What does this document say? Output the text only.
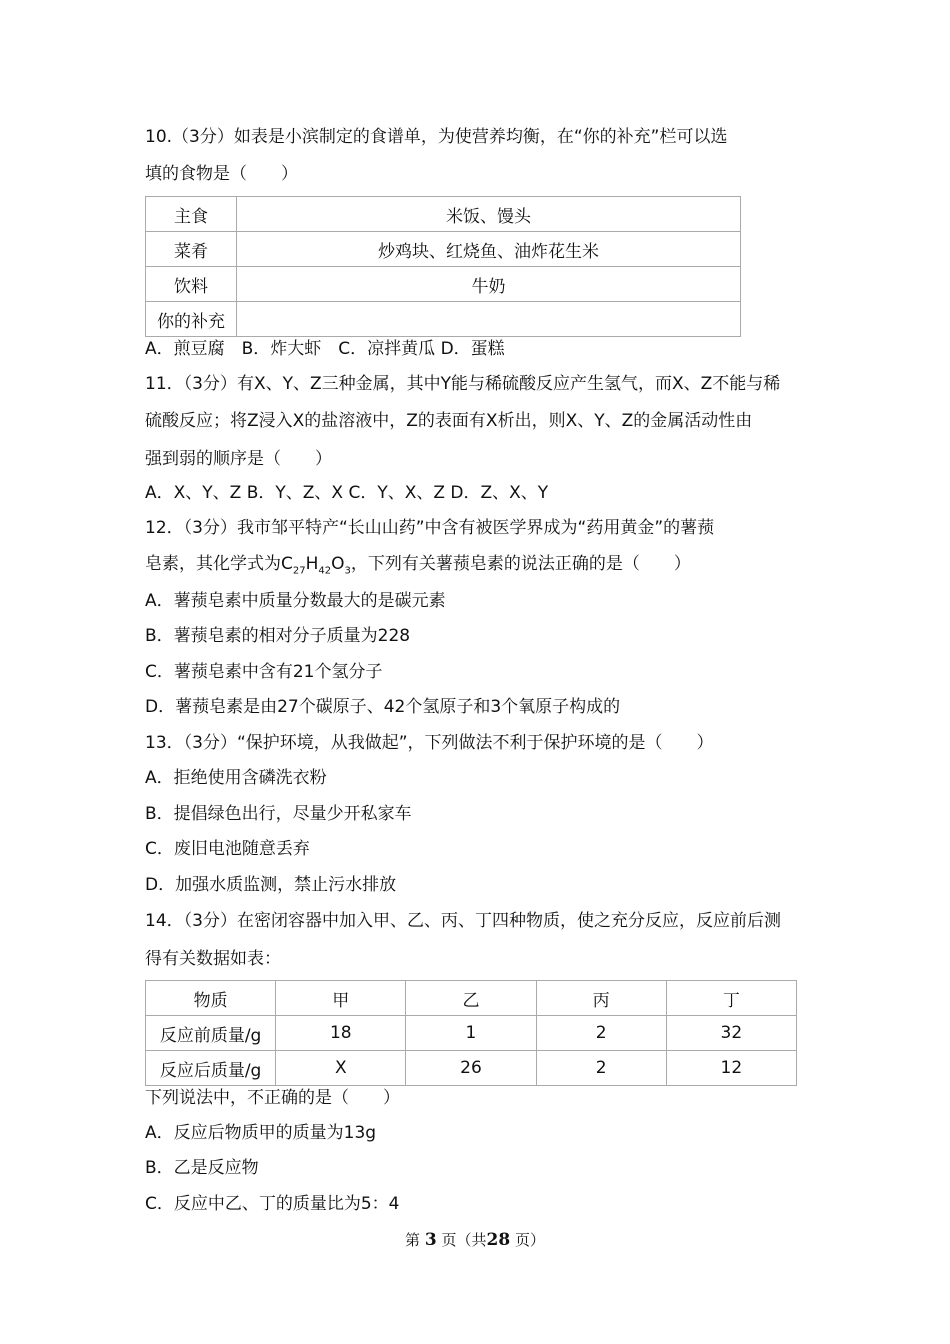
10.（3分）如表是小滨制定的食谱单，为使营养均衡，在“你的补充”栏可以选
填的食物是（　　）
主食	米饭、馒头
菜肴	炒鸡块、红烧鱼、油炸花生米
饮料	牛奶
你的补充	
A．煎豆腐　B．炸大虾　C．凉拌黄瓜 D．蛋糕
11．（3分）有X、Y、Z三种金属，其中Y能与稀硫酸反应产生氢气，而X、Z不能与稀
硫酸反应；将Z浸入X的盐溶液中，Z的表面有X析出，则X、Y、Z的金属活动性由
强到弱的顺序是（　　）
A．X、Y、Z B．Y、Z、X C．Y、X、Z D．Z、X、Y
12．（3分）我市邹平特产“长山山药”中含有被医学界成为“药用黄金”的薯蓣
皂素，其化学式为$C_{27}H_{42}O_3$，下列有关薯蓣皂素的说法正确的是（　　）
A．薯蓣皂素中质量分数最大的是碳元素
B．薯蓣皂素的相对分子质量为228
C．薯蓣皂素中含有21个氢分子
D．薯蓣皂素是由27个碳原子、42个氢原子和3个氧原子构成的
13．（3分）“保护环境，从我做起”，下列做法不利于保护环境的是（　　）
A．拒绝使用含磷洗衣粉
B．提倡绿色出行，尽量少开私家车
C．废旧电池随意丢弃
D．加强水质监测，禁止污水排放
14．（3分）在密闭容器中加入甲、乙、丙、丁四种物质，使之充分反应，反应前后测
得有关数据如表：
物质	甲	乙	丙	丁
反应前质量/g	18	1	2	32
反应后质量/g	X	26	2	12
下列说法中，不正确的是（　　）
A．反应后物质甲的质量为13g
B．乙是反应物
C．反应中乙、丁的质量比为5：4
第 3 页（共28 页）
